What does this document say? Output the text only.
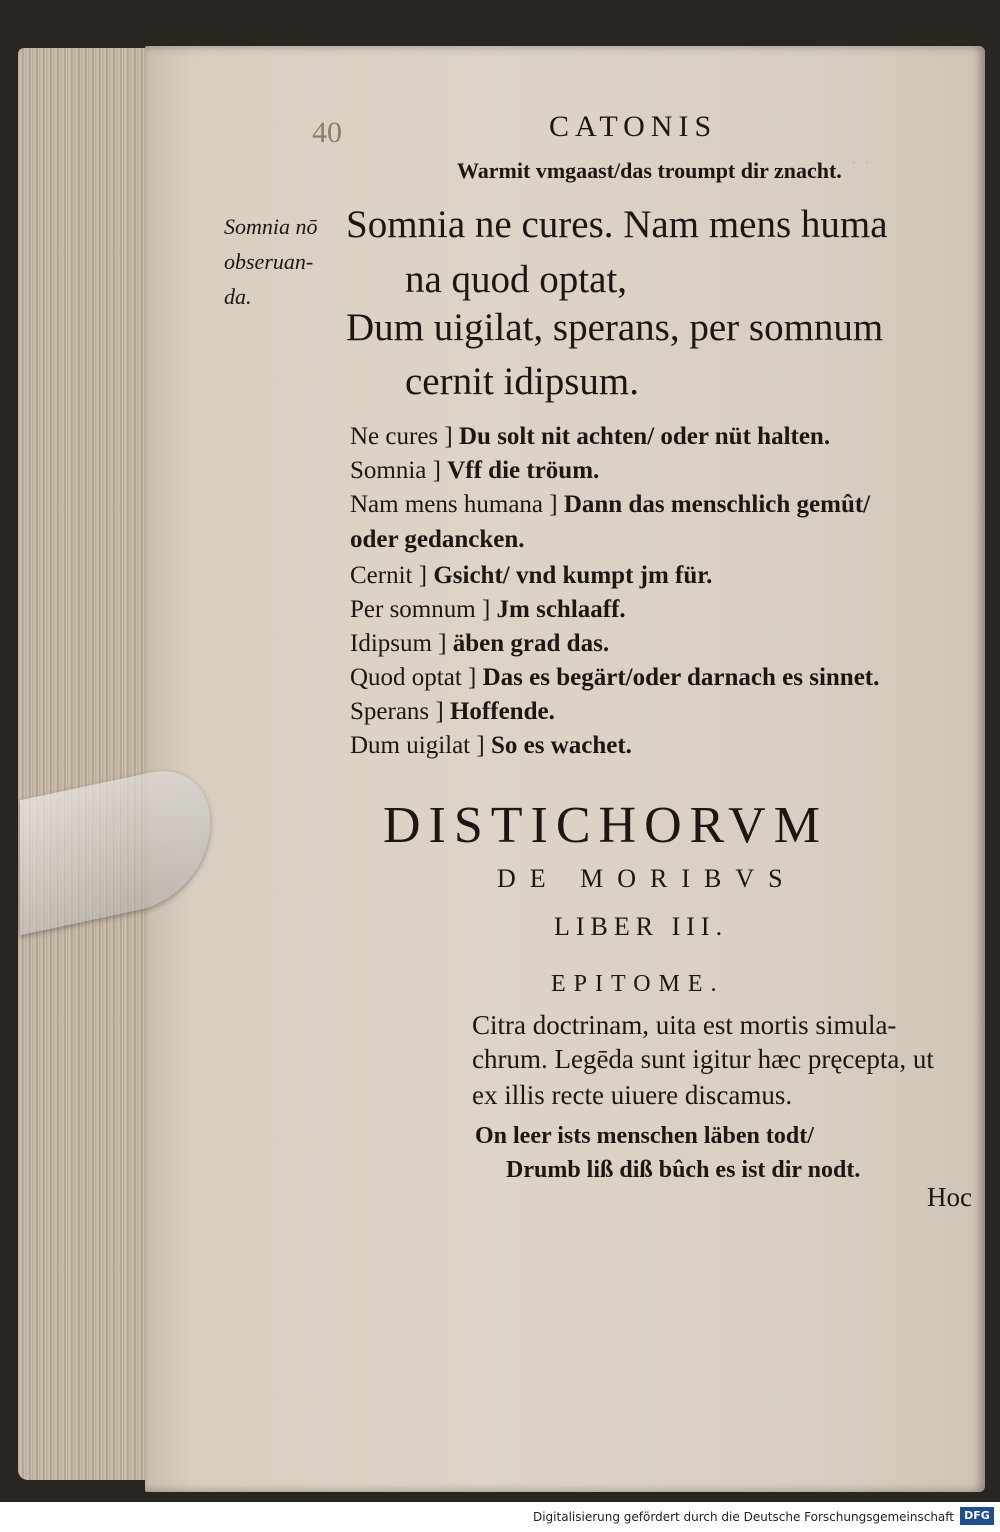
· ·
40	CATONIS
Warmit vmgaast/das troumpt dir znacht.
Somnia nō
obseruan-
da.
Somnia ne cures. Nam mens huma
na quod optat,
Dum uigilat, sperans, per somnum
cernit idipsum.
Ne cures ] Du solt nit achten/ oder nüt halten.
Somnia ] Vff die tröum.
Nam mens humana ] Dann das menschlich gemût/
oder gedancken.
Cernit ] Gsicht/ vnd kumpt jm für.
Per somnum ] Jm schlaaff.
Idipsum ] äben grad das.
Quod optat ] Das es begärt/oder darnach es sinnet.
Sperans ] Hoffende.
Dum uigilat ] So es wachet.
DISTICHORVM
DE MORIBVS
LIBER III.
EPITOME.
Citra doctrinam, uita est mortis simula-
chrum. Legēda sunt igitur hæc pręcepta, ut
ex illis recte uiuere discamus.
On leer ists menschen läben todt/
Drumb liß diß bûch es ist dir nodt.
Hoc
Digitalisierung gefördert durch die Deutsche Forschungsgemeinschaft DFG
